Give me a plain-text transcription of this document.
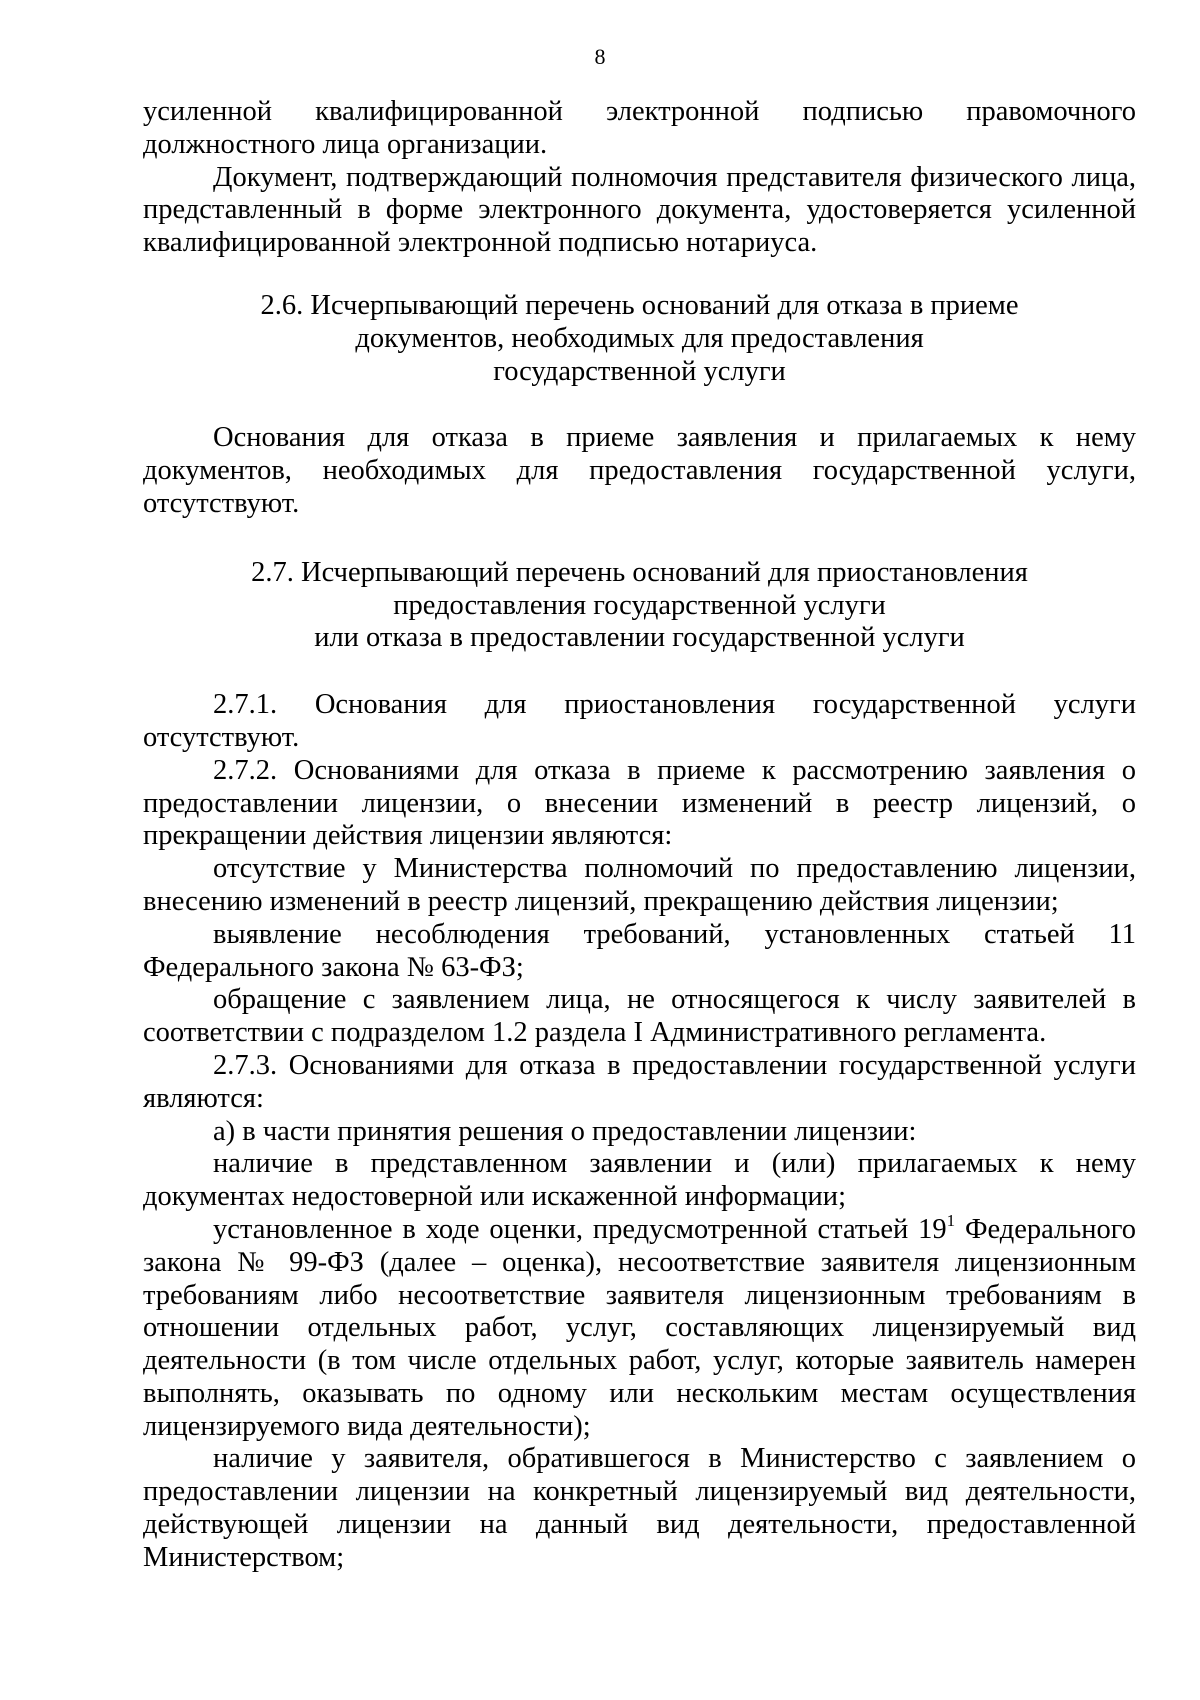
8

усиленной квалифицированной электронной подписью правомочного должностного лица организации.

Документ, подтверждающий полномочия представителя физического лица, представленный в форме электронного документа, удостоверяется усиленной квалифицированной электронной подписью нотариуса.

2.6. Исчерпывающий перечень оснований для отказа в приеме
документов, необходимых для предоставления
государственной услуги

Основания для отказа в приеме заявления и прилагаемых к нему документов, необходимых для предоставления государственной услуги, отсутствуют.

2.7. Исчерпывающий перечень оснований для приостановления
предоставления государственной услуги
или отказа в предоставлении государственной услуги

2.7.1. Основания для приостановления государственной услуги отсутствуют.

2.7.2. Основаниями для отказа в приеме к рассмотрению заявления о предоставлении лицензии, о внесении изменений в реестр лицензий, о прекращении действия лицензии являются:

отсутствие у Министерства полномочий по предоставлению лицензии, внесению изменений в реестр лицензий, прекращению действия лицензии;

выявление несоблюдения требований, установленных статьей 11 Федерального закона № 63-ФЗ;

обращение с заявлением лица, не относящегося к числу заявителей в соответствии с подразделом 1.2 раздела I Административного регламента.

2.7.3. Основаниями для отказа в предоставлении государственной услуги являются:

а) в части принятия решения о предоставлении лицензии:

наличие в представленном заявлении и (или) прилагаемых к нему документах недостоверной или искаженной информации;

установленное в ходе оценки, предусмотренной статьей $19^1$ Федерального закона № 99-ФЗ (далее – оценка), несоответствие заявителя лицензионным требованиям либо несоответствие заявителя лицензионным требованиям в отношении отдельных работ, услуг, составляющих лицензируемый вид деятельности (в том числе отдельных работ, услуг, которые заявитель намерен выполнять, оказывать по одному или нескольким местам осуществления лицензируемого вида деятельности);

наличие у заявителя, обратившегося в Министерство с заявлением о предоставлении лицензии на конкретный лицензируемый вид деятельности, действующей лицензии на данный вид деятельности, предоставленной Министерством;
